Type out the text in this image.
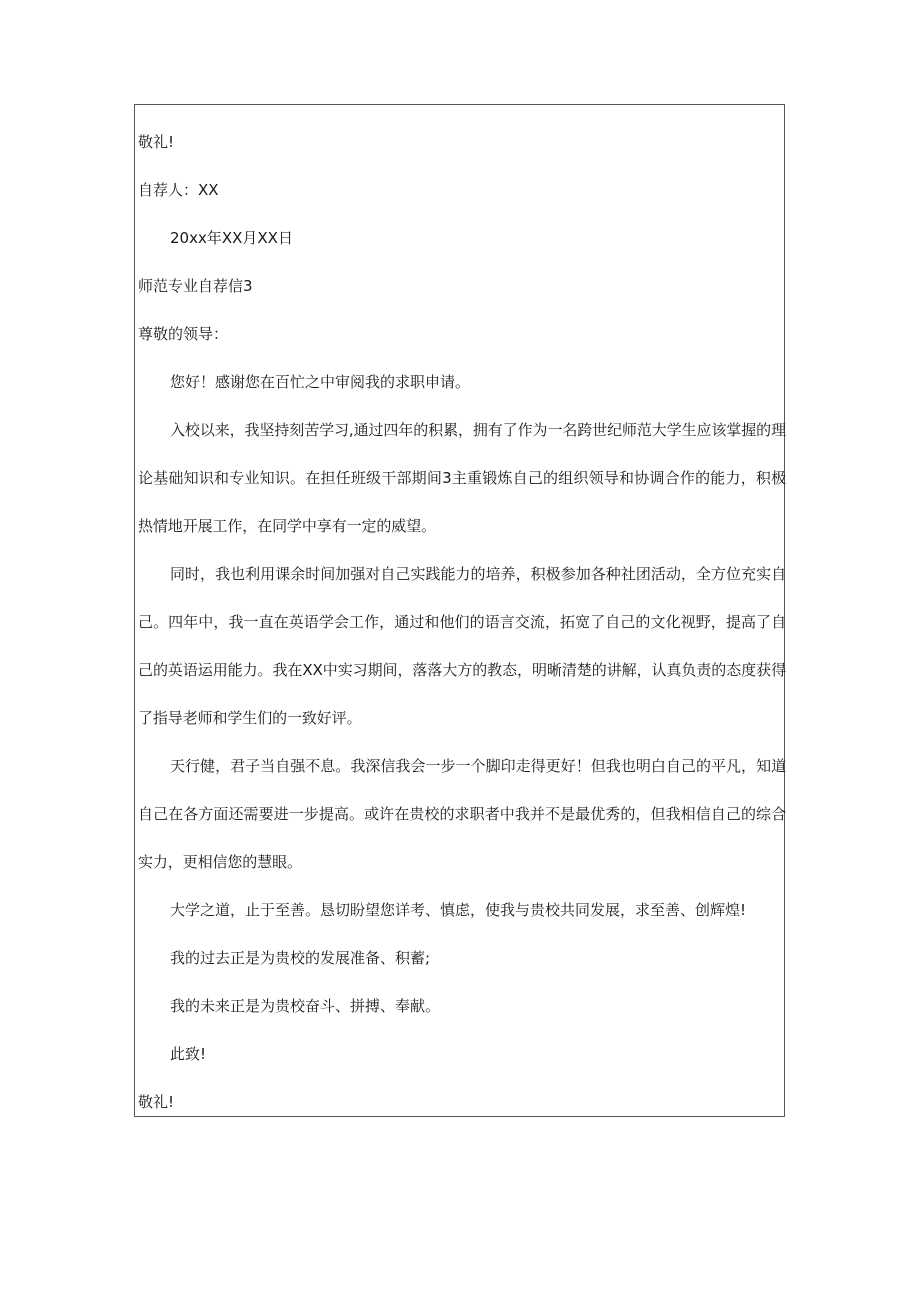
敬礼!

自荐人：XX

20xx年XX月XX日

师范专业自荐信3

尊敬的领导：

您好！感谢您在百忙之中审阅我的求职申请。

入校以来，我坚持刻苦学习,通过四年的积累，拥有了作为一名跨世纪师范大学生应该掌握的理论基础知识和专业知识。在担任班级干部期间3主重锻炼自己的组织领导和协调合作的能力，积极热情地开展工作，在同学中享有一定的威望。

同时，我也利用课余时间加强对自己实践能力的培养，积极参加各种社团活动，全方位充实自己。四年中，我一直在英语学会工作，通过和他们的语言交流，拓宽了自己的文化视野，提高了自己的英语运用能力。我在XX中实习期间，落落大方的教态，明晰清楚的讲解，认真负责的态度获得了指导老师和学生们的一致好评。

天行健，君子当自强不息。我深信我会一步一个脚印走得更好！但我也明白自己的平凡，知道自己在各方面还需要进一步提高。或许在贵校的求职者中我并不是最优秀的，但我相信自己的综合实力，更相信您的慧眼。

大学之道，止于至善。恳切盼望您详考、慎虑，使我与贵校共同发展，求至善、创辉煌!

我的过去正是为贵校的发展准备、积蓄;

我的未来正是为贵校奋斗、拼搏、奉献。

此致!

敬礼!
